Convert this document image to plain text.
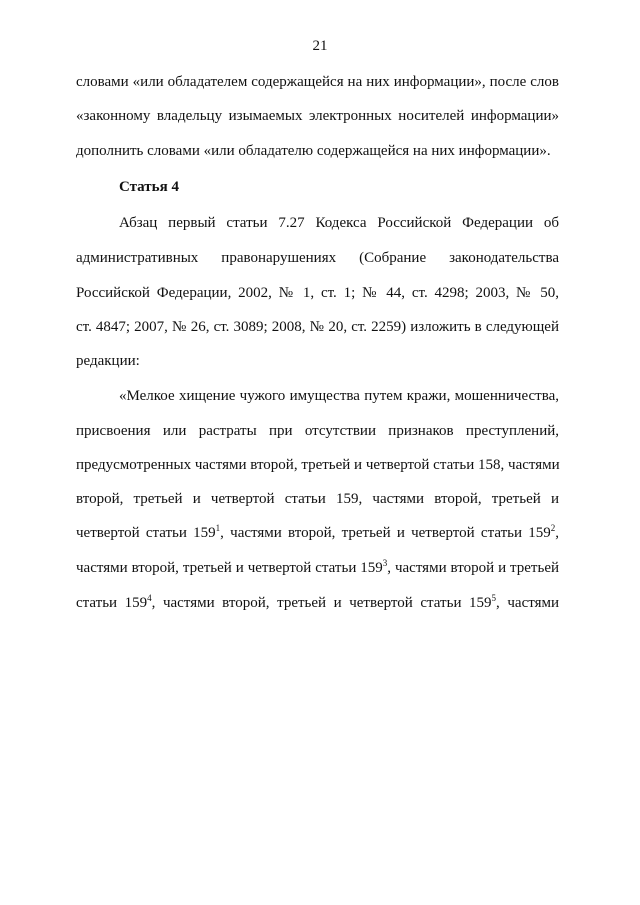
21
словами «или обладателем содержащейся на них информации», после слов
«законному владельцу изымаемых электронных носителей информации»
дополнить словами «или обладателю содержащейся на них информации».
Статья 4
Абзац первый статьи 7.27 Кодекса Российской Федерации об
административных правонарушениях (Собрание законодательства
Российской Федерации, 2002, № 1, ст. 1; № 44, ст. 4298; 2003, № 50,
ст. 4847; 2007, № 26, ст. 3089; 2008, № 20, ст. 2259) изложить в следующей
редакции:
«Мелкое хищение чужого имущества путем кражи, мошенничества,
присвоения или растраты при отсутствии признаков преступлений,
предусмотренных частями второй, третьей и четвертой статьи 158, частями
второй, третьей и четвертой статьи 159, частями второй, третьей и
четвертой статьи $159^1$, частями второй, третьей и четвертой статьи $159^2$,
частями второй, третьей и четвертой статьи $159^3$, частями второй и третьей
статьи $159^4$, частями второй, третьей и четвертой статьи $159^5$, частями
